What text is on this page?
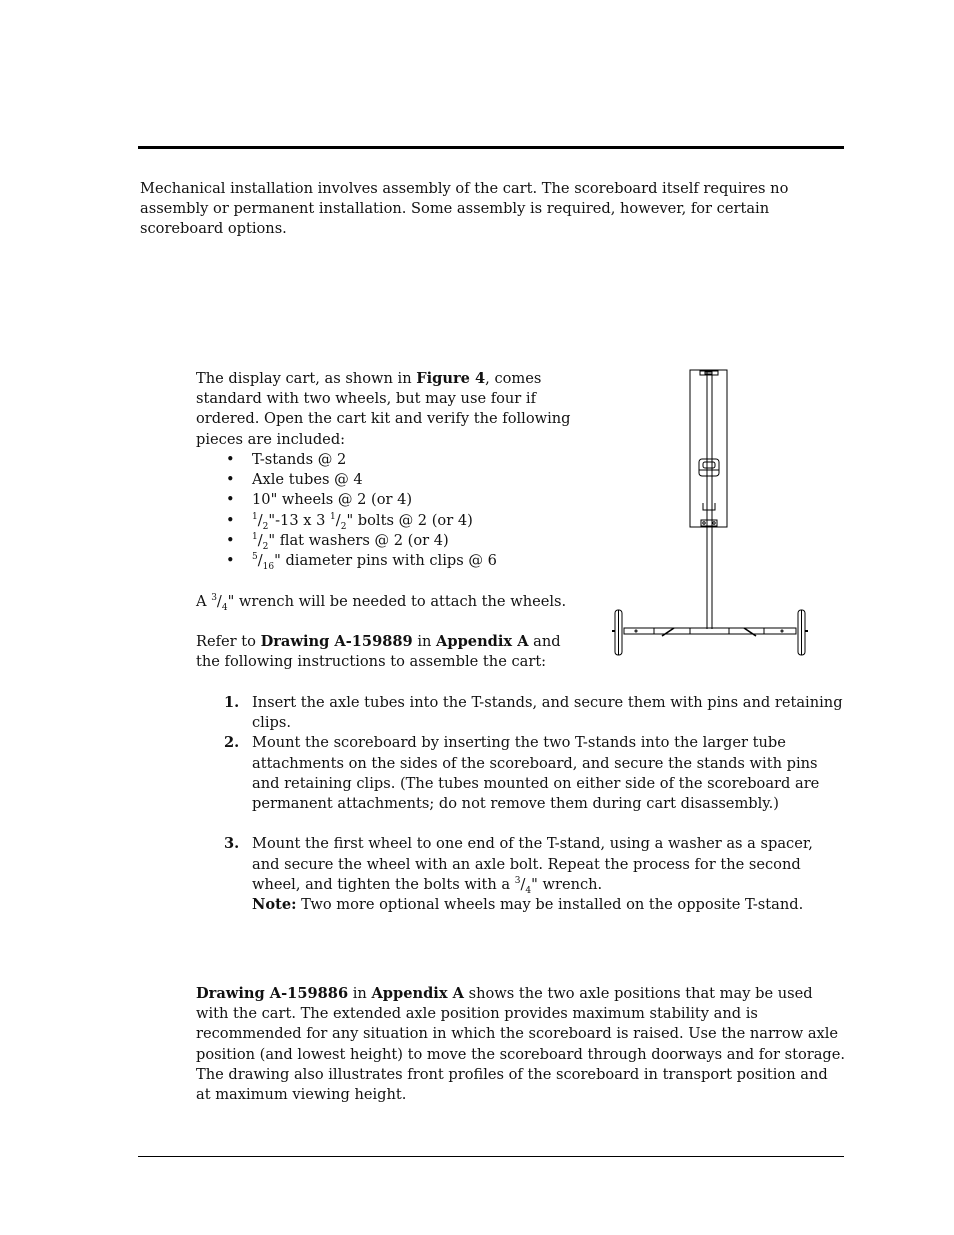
Mechanical installation involves assembly of the cart. The scoreboard itself requires no assembly or permanent installation. Some assembly is required, however, for certain scoreboard options.

The display cart, as shown in Figure 4, comes standard with two wheels, but may use four if ordered. Open the cart kit and verify the following pieces are included:

• T-stands @ 2
• Axle tubes @ 4
• 10" wheels @ 2 (or 4)
• $^1/_2"-13$ x 3 $^1/_2$" bolts @ 2 (or 4)
• $^1/_2$" flat washers @ 2 (or 4)
• $^5/_{16}$" diameter pins with clips @ 6

A $^3/_4$" wrench will be needed to attach the wheels.

Refer to Drawing A-159889 in Appendix A and the following instructions to assemble the cart:

1. Insert the axle tubes into the T-stands, and secure them with pins and retaining clips.
2. Mount the scoreboard by inserting the two T-stands into the larger tube attachments on the sides of the scoreboard, and secure the stands with pins and retaining clips. (The tubes mounted on either side of the scoreboard are permanent attachments; do not remove them during cart disassembly.)
3. Mount the first wheel to one end of the T-stand, using a washer as a spacer, and secure the wheel with an axle bolt. Repeat the process for the second wheel, and tighten the bolts with a $^3/_4$" wrench.

Note: Two more optional wheels may be installed on the opposite T-stand.

Drawing A-159886 in Appendix A shows the two axle positions that may be used with the cart. The extended axle position provides maximum stability and is recommended for any situation in which the scoreboard is raised. Use the narrow axle position (and lowest height) to move the scoreboard through doorways and for storage. The drawing also illustrates front profiles of the scoreboard in transport position and at maximum viewing height.
